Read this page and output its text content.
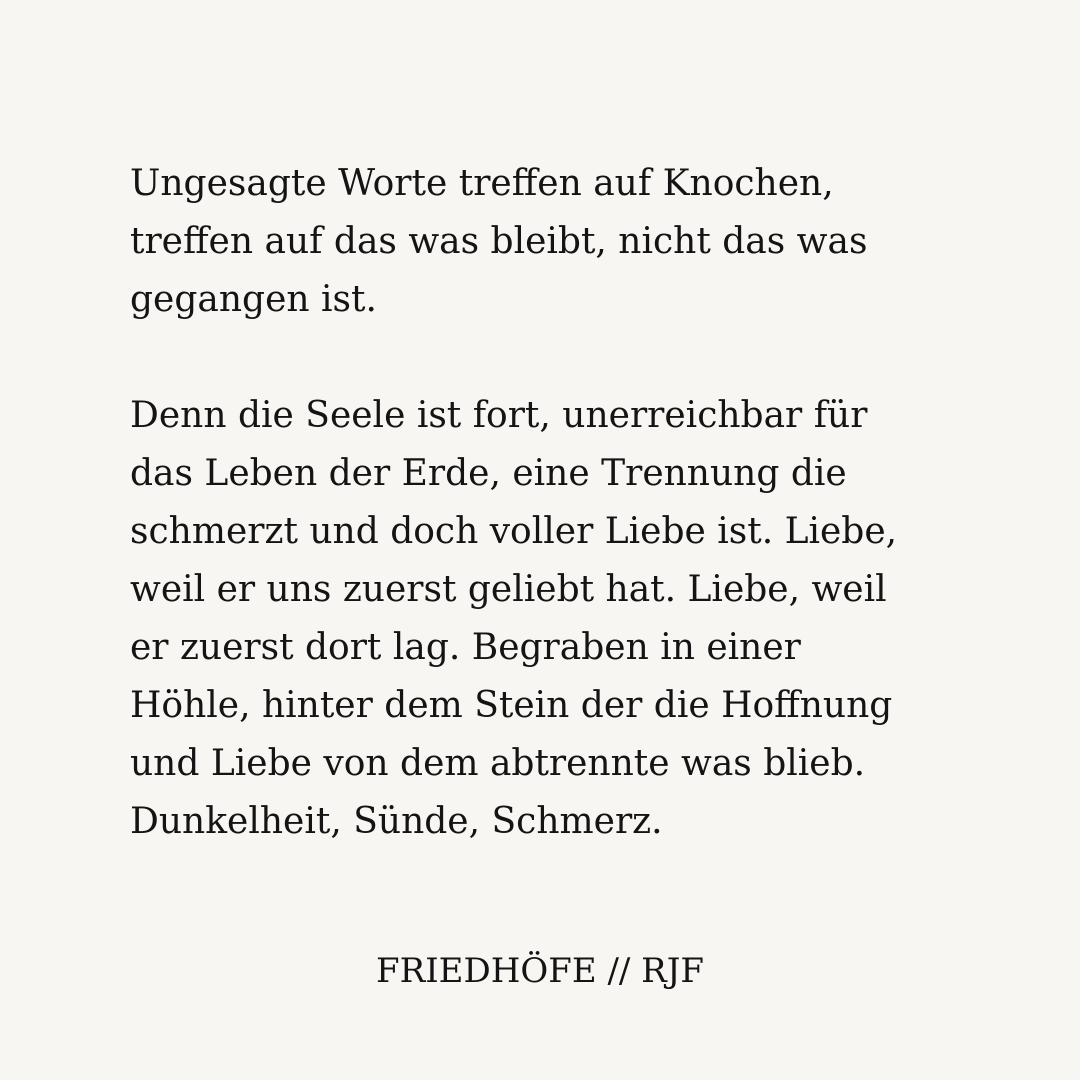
Ungesagte Worte treffen auf Knochen,
treffen auf das was bleibt, nicht das was
gegangen ist.

Denn die Seele ist fort, unerreichbar für
das Leben der Erde, eine Trennung die
schmerzt und doch voller Liebe ist. Liebe,
weil er uns zuerst geliebt hat. Liebe, weil
er zuerst dort lag. Begraben in einer
Höhle, hinter dem Stein der die Hoffnung
und Liebe von dem abtrennte was blieb.
Dunkelheit, Sünde, Schmerz.

FRIEDHÖFE // RJF
